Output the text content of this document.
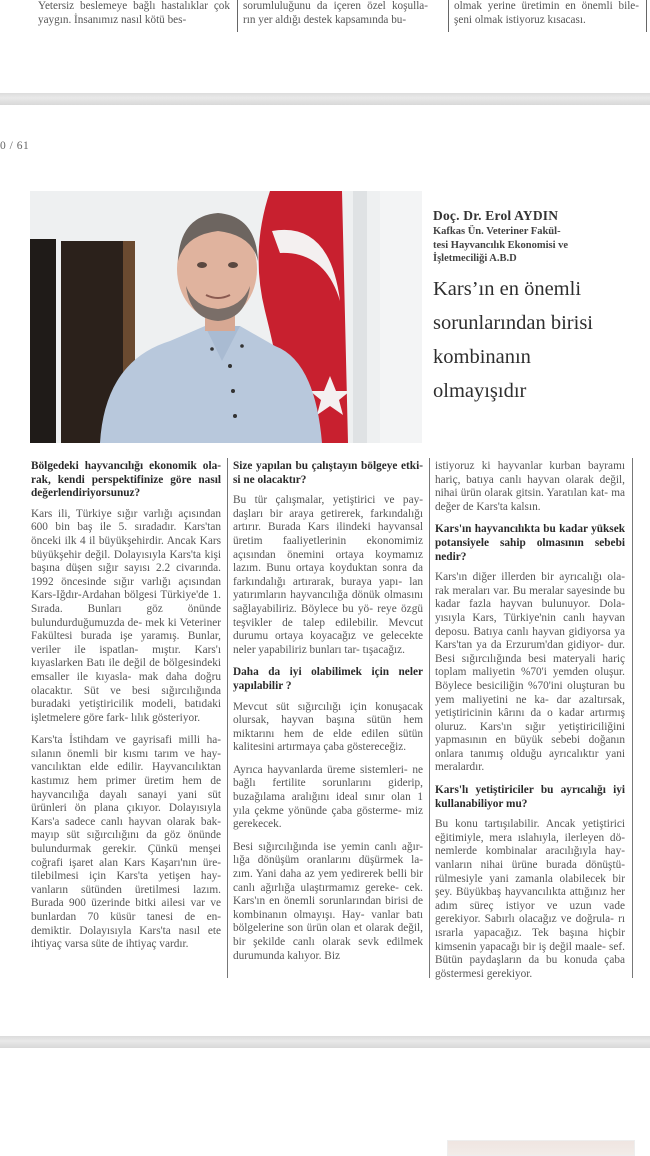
Yetersiz beslemeye bağlı hastalıklar çok yaygın. İnsanımız nasıl kötü bes-
sorumluluğunu da içeren özel koşulla- rın yer aldığı destek kapsamında bu-
olmak yerine üretimin en önemli bile- şeni olmak istiyoruz kısacası.
0 / 61
Doç. Dr. Erol AYDIN
Kafkas Ün. Veteriner Fakül-
tesi Hayvancılık Ekonomisi ve
İşletmeciliği A.B.D
Kars’ın en önemli
sorunlarından birisi
kombinanın
olmayışıdır
Bölgedeki hayvancılığı ekonomik ola- rak, kendi perspektifinize göre nasıl değerlendiriyorsunuz?
Kars ili, Türkiye sığır varlığı açısından 600 bin baş ile 5. sıradadır. Kars'tan önceki ilk 4 il büyükşehirdir. Ancak Kars büyükşehir değil. Dolayısıyla Kars'ta kişi başına düşen sığır sayısı 2.2 civarında. 1992 öncesinde sığır varlığı açısından Kars-Iğdır-Ardahan bölgesi Türkiye'de 1. Sırada. Bunları göz önünde bulundurduğumuzda de- mek ki Veteriner Fakültesi burada işe yaramış. Bunlar, veriler ile ispatlan- mıştır. Kars'ı kıyaslarken Batı ile değil de bölgesindeki emsaller ile kıyasla- mak daha doğru olacaktır. Süt ve besi sığırcılığında buradaki yetiştiricilik modeli, batıdaki işletmelere göre fark- lılık gösteriyor.
Kars'ta İstihdam ve gayrisafi milli ha- sılanın önemli bir kısmı tarım ve hay- vancılıktan elde edilir. Hayvancılıktan kastımız hem primer üretim hem de hayvancılığa dayalı sanayi yani süt ürünleri ön plana çıkıyor. Dolayısıyla Kars'a sadece canlı hayvan olarak bak- mayıp süt sığırcılığını da göz önünde bulundurmak gerekir. Çünkü menşei coğrafi işaret alan Kars Kaşarı'nın üre- tilebilmesi için Kars'ta yetişen hay- vanların sütünden üretilmesi lazım. Burada 900 üzerinde bitki ailesi var ve bunlardan 70 küsür tanesi de en- demiktir. Dolayısıyla Kars'ta nasıl ete ihtiyaç varsa süte de ihtiyaç vardır.
Size yapılan bu çalıştayın bölgeye etki- si ne olacaktır?
Bu tür çalışmalar, yetiştirici ve pay- daşları bir araya getirerek, farkındalığı artırır. Burada Kars ilindeki hayvansal üretim faaliyetlerinin ekonomimiz açısından önemini ortaya koymamız lazım. Bunu ortaya koyduktan sonra da farkındalığı artırarak, buraya yapı- lan yatırımların hayvancılığa dönük olmasını sağlayabiliriz. Böylece bu yö- reye özgü teşvikler de talep edilebilir. Mevcut durumu ortaya koyacağız ve gelecekte neler yapabiliriz bunları tar- tışacağız.
Daha da iyi olabilimek için neler yapılabilir ?
Mevcut süt sığırcılığı için konuşacak olursak, hayvan başına sütün hem miktarını hem de elde edilen sütün kalitesini artırmaya çaba göstereceğiz.
Ayrıca hayvanlarda üreme sistemleri- ne bağlı fertilite sorunlarını giderip, buzağılama aralığını ideal sınır olan 1 yıla çekme yönünde çaba gösterme- miz gerekecek.
Besi sığırcılığında ise yemin canlı ağır- lığa dönüşüm oranlarını düşürmek la- zım. Yani daha az yem yedirerek belli bir canlı ağırlığa ulaştırmamız gereke- cek. Kars'ın en önemli sorunlarından birisi de kombinanın olmayışı. Hay- vanlar batı bölgelerine son ürün olan et olarak değil, bir şekilde canlı olarak sevk edilmek durumunda kalıyor. Biz
istiyoruz ki hayvanlar kurban bayramı hariç, batıya canlı hayvan olarak değil, nihai ürün olarak gitsin. Yaratılan kat- ma değer de Kars'ta kalsın.
Kars'ın hayvancılıkta bu kadar yüksek potansiyele sahip olmasının sebebi nedir?
Kars'ın diğer illerden bir ayrıcalığı ola- rak meraları var. Bu meralar sayesinde bu kadar fazla hayvan bulunuyor. Dola- yısıyla Kars, Türkiye'nin canlı hayvan deposu. Batıya canlı hayvan gidiyorsa ya Kars'tan ya da Erzurum'dan gidiyor- dur. Besi sığırcılığında besi materyali hariç toplam maliyetin %70'i yemden oluşur. Böylece besiciliğin %70'ini oluşturan bu yem maliyetini ne ka- dar azaltırsak, yetiştiricinin kârını da o kadar artırmış oluruz. Kars'ın sığır yetiştiriciliğini yapmasının en büyük sebebi doğanın onlara tanımış olduğu ayrıcalıktır yani meralardır.
Kars'lı yetiştiriciler bu ayrıcalığı iyi kullanabiliyor mu?
Bu konu tartışılabilir. Ancak yetiştirici eğitimiyle, mera ıslahıyla, ilerleyen dö- nemlerde kombinalar aracılığıyla hay- vanların nihai ürüne burada dönüştü- rülmesiyle yani zamanla olabilecek bir şey. Büyükbaş hayvancılıkta attığınız her adım süreç istiyor ve uzun vade gerekiyor. Sabırlı olacağız ve doğrula- rı ısrarla yapacağız. Tek başına hiçbir kimsenin yapacağı bir iş değil maale- sef. Bütün paydaşların da bu konuda çaba göstermesi gerekiyor.
